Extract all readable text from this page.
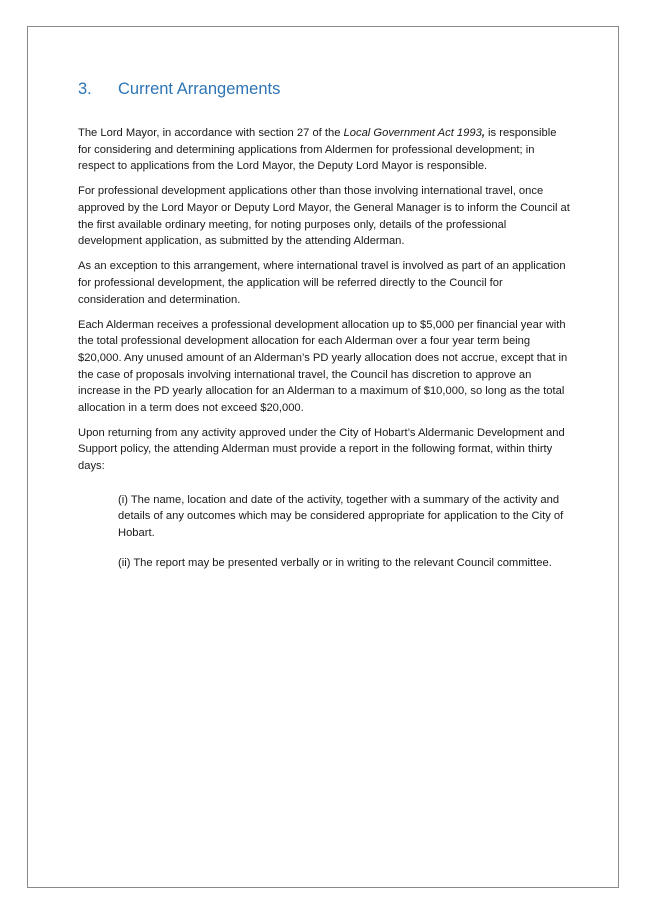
3.	Current Arrangements

The Lord Mayor, in accordance with section 27 of the Local Government Act 1993, is responsible for considering and determining applications from Aldermen for professional development; in respect to applications from the Lord Mayor, the Deputy Lord Mayor is responsible.

For professional development applications other than those involving international travel, once approved by the Lord Mayor or Deputy Lord Mayor, the General Manager is to inform the Council at the first available ordinary meeting, for noting purposes only, details of the professional development application, as submitted by the attending Alderman.

As an exception to this arrangement, where international travel is involved as part of an application for professional development, the application will be referred directly to the Council for consideration and determination.

Each Alderman receives a professional development allocation up to $5,000 per financial year with the total professional development allocation for each Alderman over a four year term being $20,000. Any unused amount of an Alderman’s PD yearly allocation does not accrue, except that in the case of proposals involving international travel, the Council has discretion to approve an increase in the PD yearly allocation for an Alderman to a maximum of $10,000, so long as the total allocation in a term does not exceed $20,000.

Upon returning from any activity approved under the City of Hobart’s Aldermanic Development and Support policy, the attending Alderman must provide a report in the following format, within thirty days:

(i) The name, location and date of the activity, together with a summary of the activity and details of any outcomes which may be considered appropriate for application to the City of Hobart.

(ii) The report may be presented verbally or in writing to the relevant Council committee.
